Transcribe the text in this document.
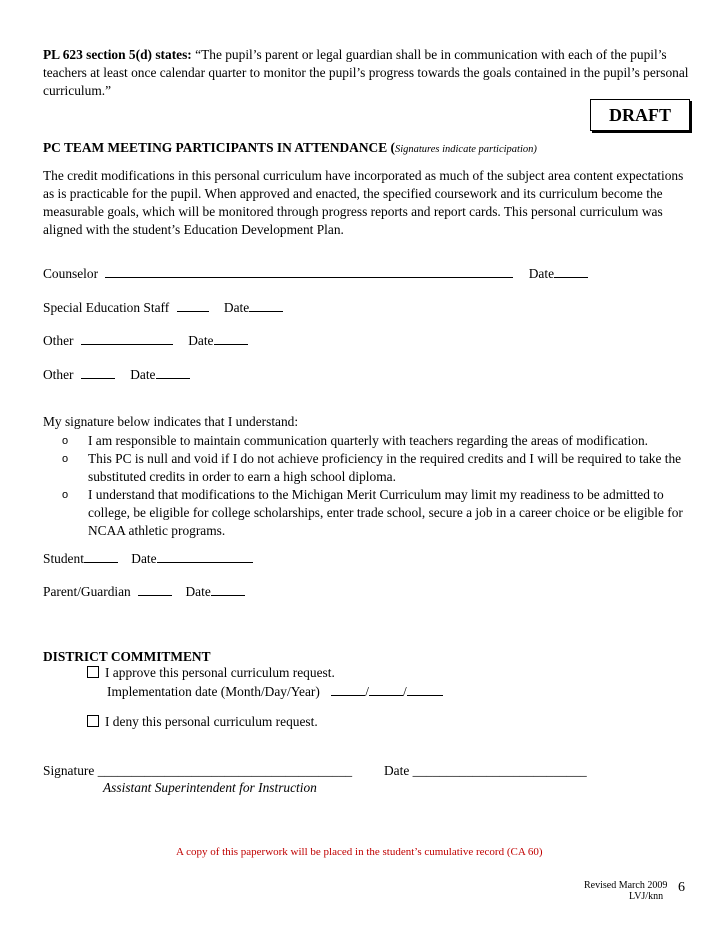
PL 623 section 5(d) states: “The pupil’s parent or legal guardian shall be in communication with each of the pupil’s teachers at least once calendar quarter to monitor the pupil’s progress towards the goals contained in the pupil’s personal curriculum.”
DRAFT
PC TEAM MEETING PARTICIPANTS IN ATTENDANCE (Signatures indicate participation)
The credit modifications in this personal curriculum have incorporated as much of the subject area content expectations as is practicable for the pupil. When approved and enacted, the specified coursework and its curriculum become the measurable goals, which will be monitored through progress reports and report cards. This personal curriculum was aligned with the student’s Education Development Plan.
Counselor	Date
Special Education Staff	Date
Other	Date
Other	Date
My signature below indicates that I understand:
o I am responsible to maintain communication quarterly with teachers regarding the areas of modification.
o This PC is null and void if I do not achieve proficiency in the required credits and I will be required to take the substituted credits in order to earn a high school diploma.
o I understand that modifications to the Michigan Merit Curriculum may limit my readiness to be admitted to college, be eligible for college scholarships, enter trade school, secure a job in a career choice or be eligible for NCAA athletic programs.
Student	Date
Parent/Guardian	Date
DISTRICT COMMITMENT
I approve this personal curriculum request.
Implementation date (Month/Day/Year)	/	/
I deny this personal curriculum request.
Signature ______________________________________ Date __________________________
Assistant Superintendent for Instruction
A copy of this paperwork will be placed in the student’s cumulative record (CA 60)
Revised March 2009
LVJ/knn
6
